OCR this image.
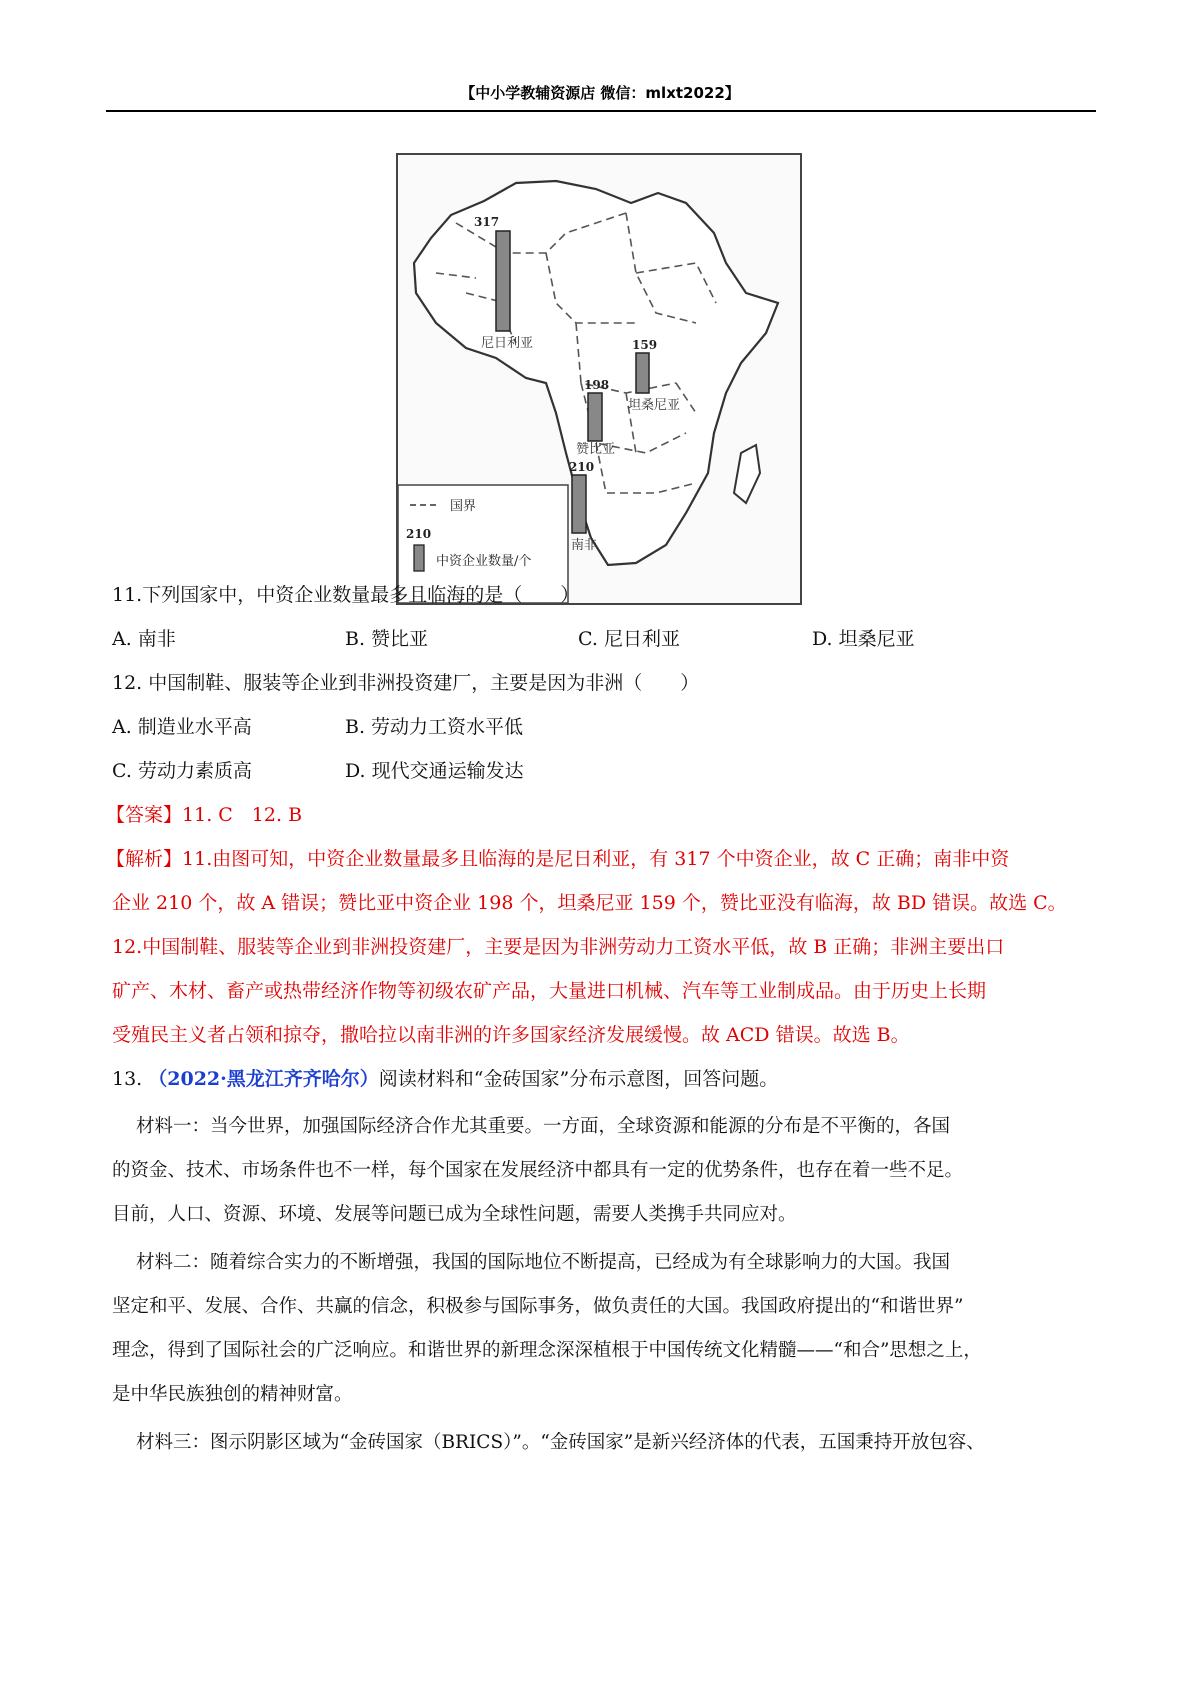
【中小学教辅资源店 微信：mlxt2022】
317
尼日利亚	159
坦桑尼亚
198
赞比亚
210
南非
国界
210
中资企业数量/个
11.下列国家中，中资企业数量最多且临海的是（　　）
A. 南非	B. 赞比亚	C. 尼日利亚	D. 坦桑尼亚
12. 中国制鞋、服装等企业到非洲投资建厂，主要是因为非洲（　　）
A. 制造业水平高	B. 劳动力工资水平低
C. 劳动力素质高	D. 现代交通运输发达
【答案】11. C　12. B
【解析】11.由图可知，中资企业数量最多且临海的是尼日利亚，有 317 个中资企业，故 C 正确；南非中资
企业 210 个，故 A 错误；赞比亚中资企业 198 个，坦桑尼亚 159 个，赞比亚没有临海，故 BD 错误。故选 C。
12.中国制鞋、服装等企业到非洲投资建厂，主要是因为非洲劳动力工资水平低，故 B 正确；非洲主要出口
矿产、木材、畜产或热带经济作物等初级农矿产品，大量进口机械、汽车等工业制成品。由于历史上长期
受殖民主义者占领和掠夺，撒哈拉以南非洲的许多国家经济发展缓慢。故 ACD 错误。故选 B。
13. （2022·黑龙江齐齐哈尔）阅读材料和“金砖国家”分布示意图，回答问题。
材料一：当今世界，加强国际经济合作尤其重要。一方面，全球资源和能源的分布是不平衡的，各国
的资金、技术、市场条件也不一样，每个国家在发展经济中都具有一定的优势条件，也存在着一些不足。
目前，人口、资源、环境、发展等问题已成为全球性问题，需要人类携手共同应对。
材料二：随着综合实力的不断增强，我国的国际地位不断提高，已经成为有全球影响力的大国。我国
坚定和平、发展、合作、共赢的信念，积极参与国际事务，做负责任的大国。我国政府提出的“和谐世界”
理念，得到了国际社会的广泛响应。和谐世界的新理念深深植根于中国传统文化精髓——“和合”思想之上，
是中华民族独创的精神财富。
材料三：图示阴影区域为“金砖国家（BRICS）”。“金砖国家”是新兴经济体的代表，五国秉持开放包容、
